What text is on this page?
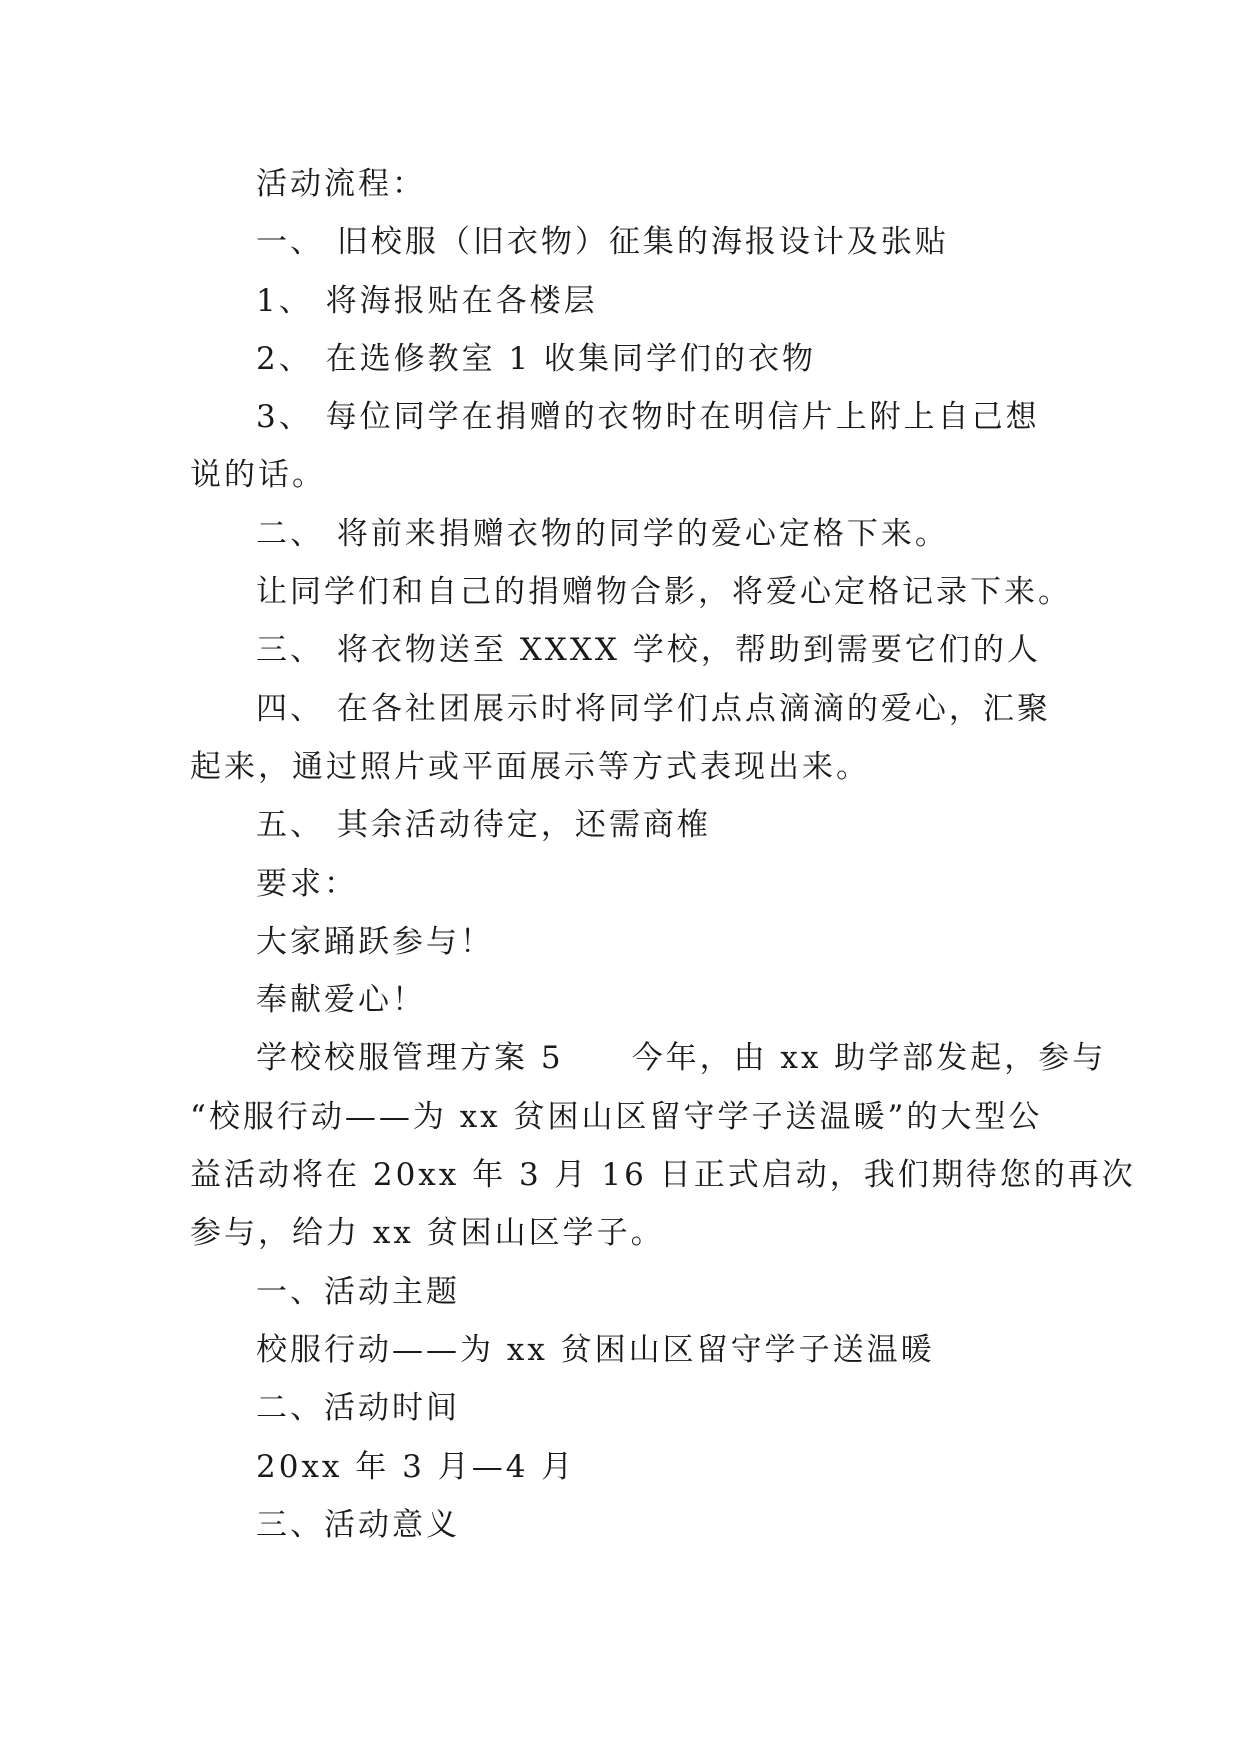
活动流程：
一、 旧校服（旧衣物）征集的海报设计及张贴
1、 将海报贴在各楼层
2、 在选修教室 1 收集同学们的衣物
3、 每位同学在捐赠的衣物时在明信片上附上自己想
说的话。
二、 将前来捐赠衣物的同学的爱心定格下来。
让同学们和自己的捐赠物合影，将爱心定格记录下来。
三、 将衣物送至 XXXX 学校，帮助到需要它们的人
四、 在各社团展示时将同学们点点滴滴的爱心，汇聚
起来，通过照片或平面展示等方式表现出来。
五、 其余活动待定，还需商榷
要求：
大家踊跃参与！
奉献爱心！
学校校服管理方案 5　　今年，由 xx 助学部发起，参与
“校服行动——为 xx 贫困山区留守学子送温暖”的大型公
益活动将在 20xx 年 3 月 16 日正式启动，我们期待您的再次
参与，给力 xx 贫困山区学子。
一、活动主题
校服行动——为 xx 贫困山区留守学子送温暖
二、活动时间
20xx 年 3 月—4 月
三、活动意义
